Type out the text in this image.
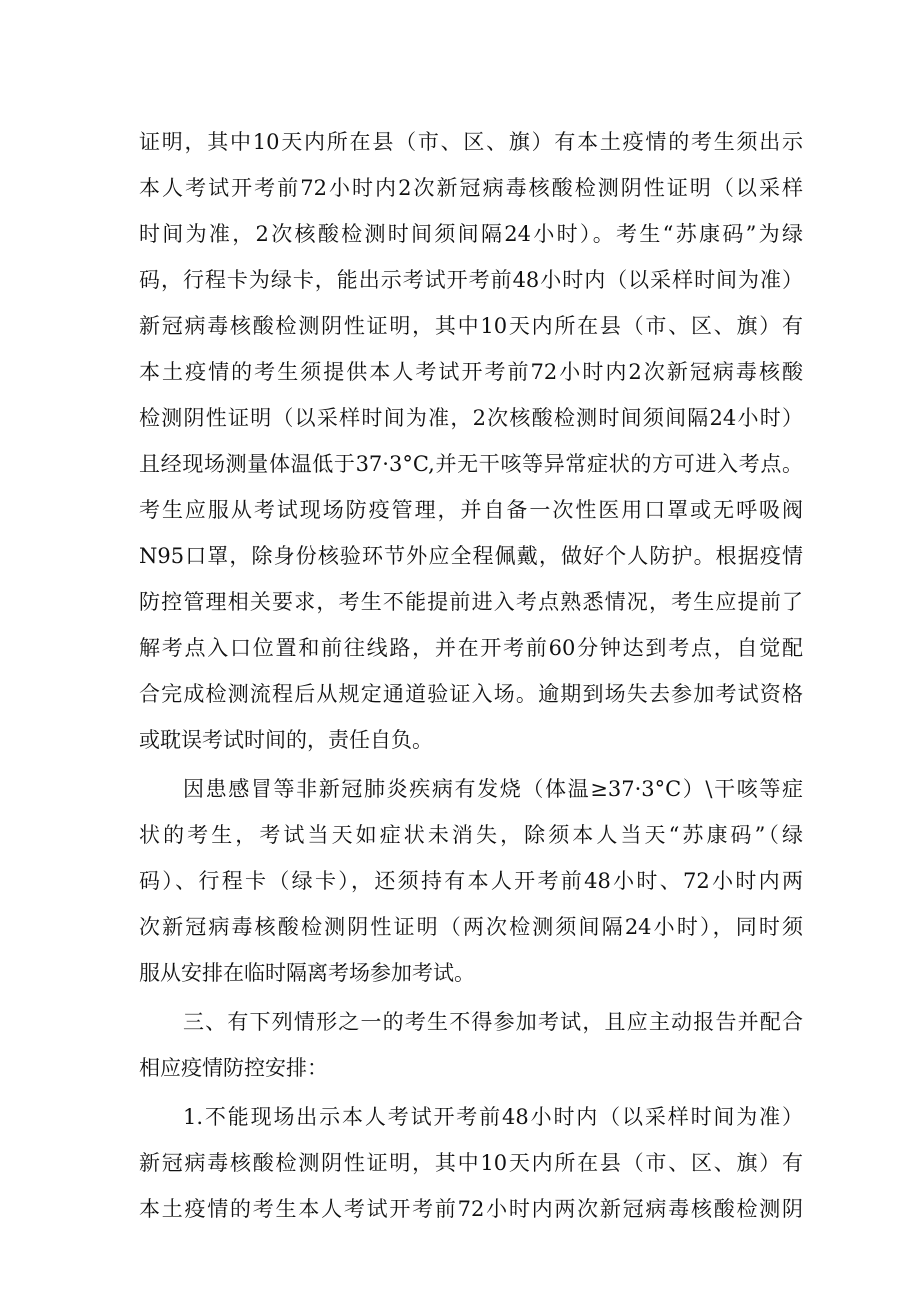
证明，其中10天内所在县（市、区、旗）有本土疫情的考生须出示
本人考试开考前72小时内2次新冠病毒核酸检测阴性证明（以采样
时间为准，2次核酸检测时间须间隔24小时）。考生“苏康码”为绿
码，行程卡为绿卡，能出示考试开考前48小时内（以采样时间为准）
新冠病毒核酸检测阴性证明，其中10天内所在县（市、区、旗）有
本土疫情的考生须提供本人考试开考前72小时内2次新冠病毒核酸
检测阴性证明（以采样时间为准，2次核酸检测时间须间隔24小时）
且经现场测量体温低于37·3°C,并无干咳等异常症状的方可进入考点。
考生应服从考试现场防疫管理，并自备一次性医用口罩或无呼吸阀
N95口罩，除身份核验环节外应全程佩戴，做好个人防护。根据疫情
防控管理相关要求，考生不能提前进入考点熟悉情况，考生应提前了
解考点入口位置和前往线路，并在开考前60分钟达到考点，自觉配
合完成检测流程后从规定通道验证入场。逾期到场失去参加考试资格
或耽误考试时间的，责任自负。
因患感冒等非新冠肺炎疾病有发烧（体温≥37·3°C）\干咳等症
状的考生，考试当天如症状未消失，除须本人当天“苏康码”（绿
码）、行程卡（绿卡），还须持有本人开考前48小时、72小时内两
次新冠病毒核酸检测阴性证明（两次检测须间隔24小时），同时须
服从安排在临时隔离考场参加考试。
三、有下列情形之一的考生不得参加考试，且应主动报告并配合
相应疫情防控安排：
1.不能现场出示本人考试开考前48小时内（以采样时间为准）
新冠病毒核酸检测阴性证明，其中10天内所在县（市、区、旗）有
本土疫情的考生本人考试开考前72小时内两次新冠病毒核酸检测阴
